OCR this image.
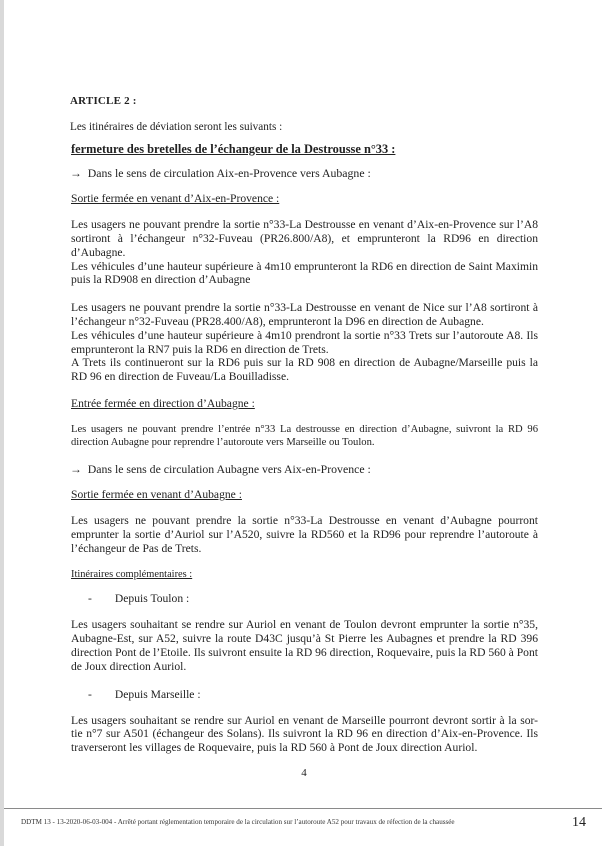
ARTICLE 2 :
Les itinéraires de déviation seront les suivants :
fermeture des bretelles de l’échangeur de la Destrousse n°33 :
→ Dans le sens de circulation Aix-en-Provence vers Aubagne :
Sortie fermée en venant d’Aix-en-Provence :

Les usagers ne pouvant prendre la sortie n°33-La Destrousse en venant d’Aix-en-Provence sur l’A8 sortiront à l’échangeur n°32-Fuveau (PR26.800/A8), et emprunteront la RD96 en direction d’Aubagne.

Les véhicules d’une hauteur supérieure à 4m10 emprunteront la RD6 en direction de Saint Maximin puis la RD908 en direction d’Aubagne

Les usagers ne pouvant prendre la sortie n°33-La Destrousse en venant de Nice sur l’A8 sortiront à l’échangeur n°32-Fuveau (PR28.400/A8), emprunteront la D96 en direction de Aubagne.

Les véhicules d’une hauteur supérieure à 4m10 prendront la sortie n°33 Trets sur l’autoroute A8. Ils emprunteront la RN7 puis la RD6 en direction de Trets.

A Trets ils continueront sur la RD6 puis sur la RD 908 en direction de Aubagne/Marseille puis la RD 96 en direction de Fuveau/La Bouilladisse.

Entrée fermée en direction d’Aubagne :
Les usagers ne pouvant prendre l’entrée n°33 La destrousse en direction d’Aubagne, suivront la RD 96 direction Aubagne pour reprendre l’autoroute vers Marseille ou Toulon.
→ Dans le sens de circulation Aubagne vers Aix-en-Provence :
Sortie fermée en venant d’Aubagne :
Les usagers ne pouvant prendre la sortie n°33-La Destrousse en venant d’Aubagne pourront emprunter la sortie d’Auriol sur l’A520, suivre la RD560 et la RD96 pour reprendre l’autoroute à l’échangeur de Pas de Trets.
Itinéraires complémentaires :
- Depuis Toulon :
Les usagers souhaitant se rendre sur Auriol en venant de Toulon devront emprunter la sortie n°35, Aubagne-Est, sur A52, suivre la route D43C jusqu’à St Pierre les Aubagnes et prendre la RD 396 direction Pont de l’Etoile. Ils suivront ensuite la RD 96 direction, Roquevaire, puis la RD 560 à Pont de Joux direction Auriol.
- Depuis Marseille :
Les usagers souhaitant se rendre sur Auriol en venant de Marseille pourront devront sortir à la sor-tie n°7 sur A501 (échangeur des Solans). Ils suivront la RD 96 en direction d’Aix-en-Provence. Ils traverseront les villages de Roquevaire, puis la RD 560 à Pont de Joux direction Auriol.
4
DDTM 13 - 13-2020-06-03-004 - Arrêté portant réglementation temporaire de la circulation sur l’autoroute A52 pour travaux de réfection de la chaussée	14
